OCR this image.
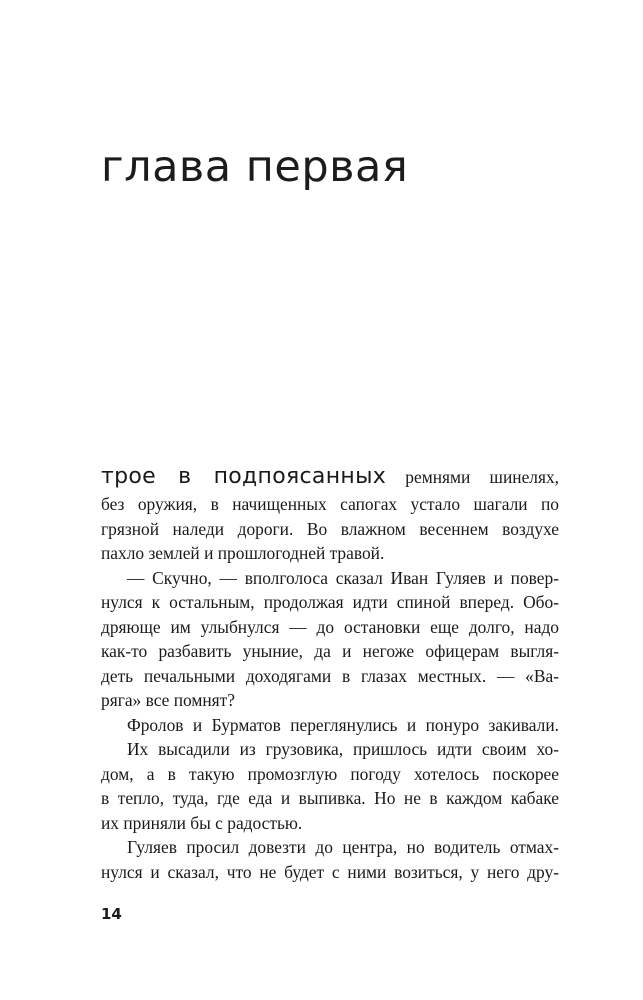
глава первая
трое в подпоясанных ремнями шинелях,
без оружия, в начищенных сапогах устало шагали по
грязной наледи дороги. Во влажном весеннем воздухе
пахло землей и прошлогодней травой.
— Скучно, — вполголоса сказал Иван Гуляев и повер-
нулся к остальным, продолжая идти спиной вперед. Обо-
дряюще им улыбнулся — до остановки еще долго, надо
как-то разбавить уныние, да и негоже офицерам выгля-
деть печальными доходягами в глазах местных. — «Ва-
ряга» все помнят?
Фролов и Бурматов переглянулись и понуро закивали.
Их высадили из грузовика, пришлось идти своим хо-
дом, а в такую промозглую погоду хотелось поскорее
в тепло, туда, где еда и выпивка. Но не в каждом кабаке
их приняли бы с радостью.
Гуляев просил довезти до центра, но водитель отмах-
нулся и сказал, что не будет с ними возиться, у него дру-
14
